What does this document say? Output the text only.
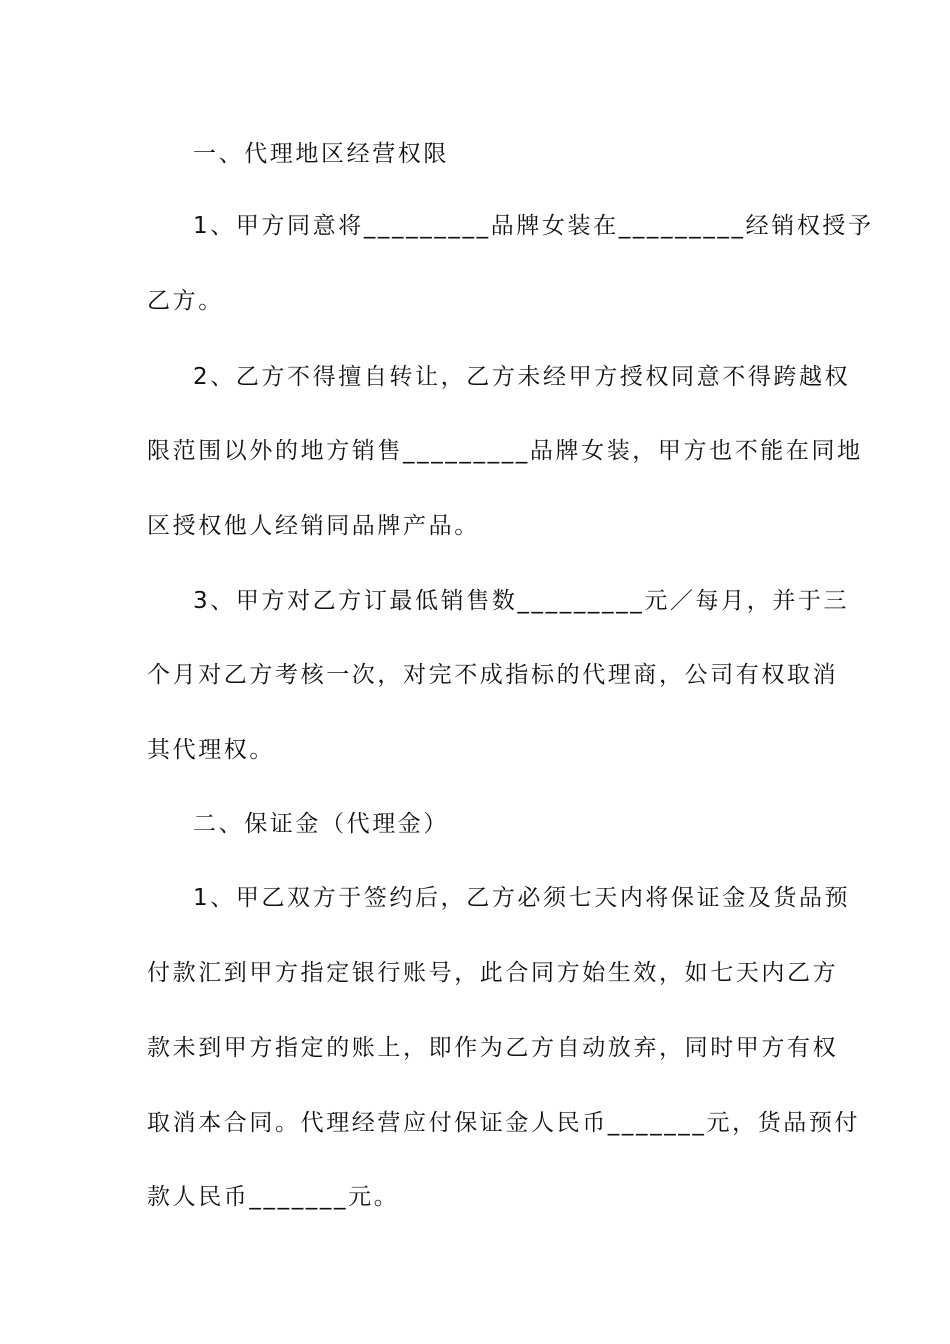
一、代理地区经营权限
1、甲方同意将_________品牌女装在_________经销权授予
乙方。
2、乙方不得擅自转让，乙方未经甲方授权同意不得跨越权
限范围以外的地方销售_________品牌女装，甲方也不能在同地
区授权他人经销同品牌产品。
3、甲方对乙方订最低销售数_________元／每月，并于三
个月对乙方考核一次，对完不成指标的代理商，公司有权取消
其代理权。
二、保证金（代理金）
1、甲乙双方于签约后，乙方必须七天内将保证金及货品预
付款汇到甲方指定银行账号，此合同方始生效，如七天内乙方
款未到甲方指定的账上，即作为乙方自动放弃，同时甲方有权
取消本合同。代理经营应付保证金人民币_______元，货品预付
款人民币_______元。
